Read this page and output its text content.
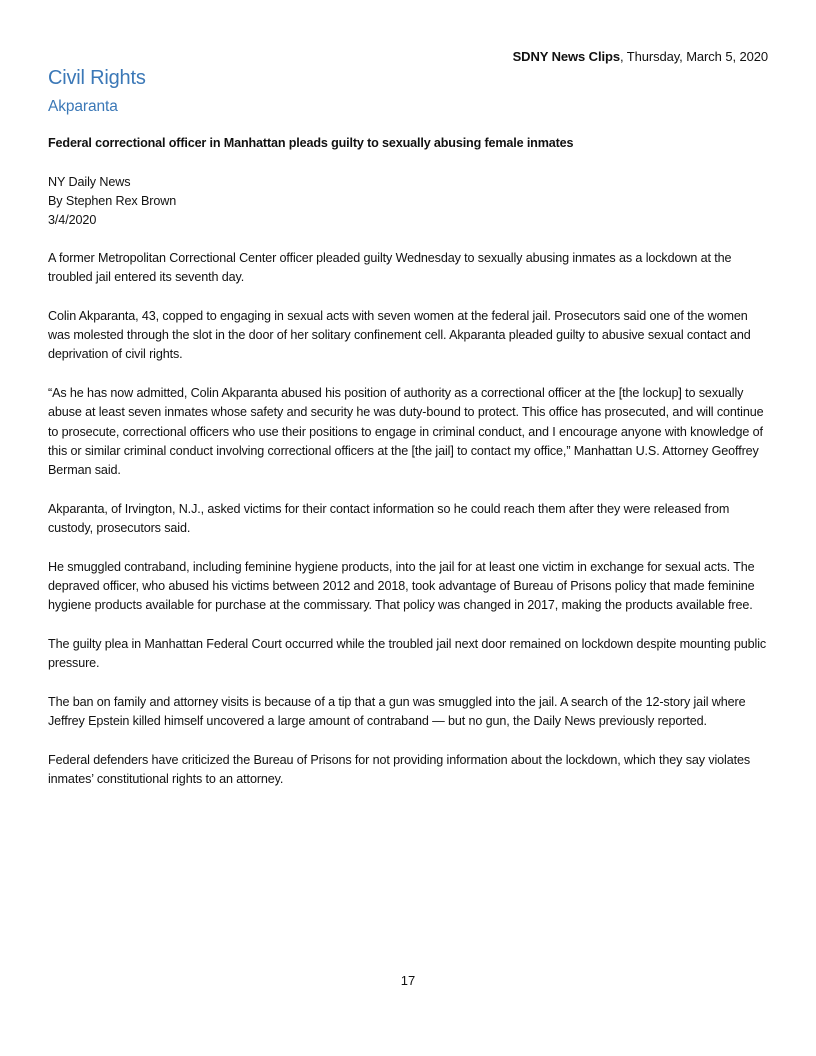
SDNY News Clips, Thursday, March 5, 2020
Civil Rights
Akparanta
Federal correctional officer in Manhattan pleads guilty to sexually abusing female inmates
NY Daily News
By Stephen Rex Brown
3/4/2020

A former Metropolitan Correctional Center officer pleaded guilty Wednesday to sexually abusing inmates as a lockdown at the troubled jail entered its seventh day.

Colin Akparanta, 43, copped to engaging in sexual acts with seven women at the federal jail. Prosecutors said one of the women was molested through the slot in the door of her solitary confinement cell. Akparanta pleaded guilty to abusive sexual contact and deprivation of civil rights.

“As he has now admitted, Colin Akparanta abused his position of authority as a correctional officer at the [the lockup] to sexually abuse at least seven inmates whose safety and security he was duty-bound to protect. This office has prosecuted, and will continue to prosecute, correctional officers who use their positions to engage in criminal conduct, and I encourage anyone with knowledge of this or similar criminal conduct involving correctional officers at the [the jail] to contact my office,” Manhattan U.S. Attorney Geoffrey Berman said.

Akparanta, of Irvington, N.J., asked victims for their contact information so he could reach them after they were released from custody, prosecutors said.

He smuggled contraband, including feminine hygiene products, into the jail for at least one victim in exchange for sexual acts. The depraved officer, who abused his victims between 2012 and 2018, took advantage of Bureau of Prisons policy that made feminine hygiene products available for purchase at the commissary. That policy was changed in 2017, making the products available free.

The guilty plea in Manhattan Federal Court occurred while the troubled jail next door remained on lockdown despite mounting public pressure.

The ban on family and attorney visits is because of a tip that a gun was smuggled into the jail. A search of the 12-story jail where Jeffrey Epstein killed himself uncovered a large amount of contraband — but no gun, the Daily News previously reported.

Federal defenders have criticized the Bureau of Prisons for not providing information about the lockdown, which they say violates inmates’ constitutional rights to an attorney.

17
